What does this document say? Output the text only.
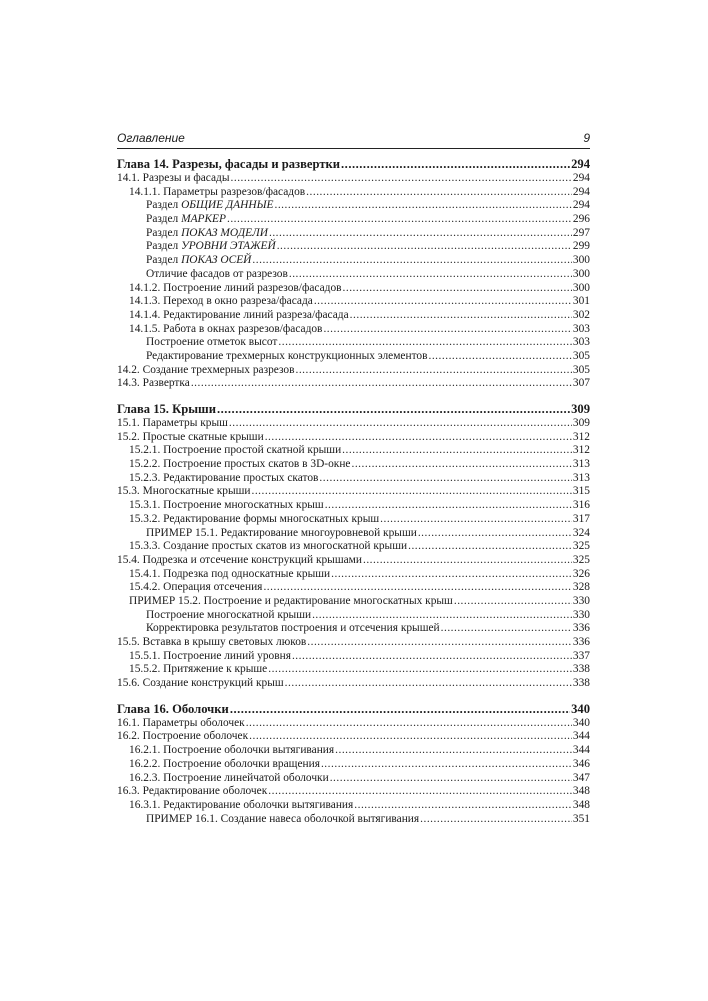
Оглавление	9
Глава 14. Разрезы, фасады и развертки .....	294
14.1. Разрезы и фасады .....	294
14.1.1. Параметры разрезов/фасадов .....	294
Раздел ОБЩИЕ ДАННЫЕ .....	294
Раздел МАРКЕР .....	296
Раздел ПОКАЗ МОДЕЛИ .....	297
Раздел УРОВНИ ЭТАЖЕЙ .....	299
Раздел ПОКАЗ ОСЕЙ .....	300
Отличие фасадов от разрезов .....	300
14.1.2. Построение линий разрезов/фасадов .....	300
14.1.3. Переход в окно разреза/фасада .....	301
14.1.4. Редактирование линий разреза/фасада .....	302
14.1.5. Работа в окнах разрезов/фасадов .....	303
Построение отметок высот .....	303
Редактирование трехмерных конструкционных элементов .....	305
14.2. Создание трехмерных разрезов .....	305
14.3. Развертка .....	307
Глава 15. Крыши .....	309
15.1. Параметры крыш .....	309
15.2. Простые скатные крыши .....	312
15.2.1. Построение простой скатной крыши .....	312
15.2.2. Построение простых скатов в 3D-окне .....	313
15.2.3. Редактирование простых скатов .....	313
15.3. Многоскатные крыши .....	315
15.3.1. Построение многоскатных крыш .....	316
15.3.2. Редактирование формы многоскатных крыш .....	317
ПРИМЕР 15.1. Редактирование многоуровневой крыши .....	324
15.3.3. Создание простых скатов из многоскатной крыши .....	325
15.4. Подрезка и отсечение конструкций крышами .....	325
15.4.1. Подрезка под односкатные крыши .....	326
15.4.2. Операция отсечения .....	328
ПРИМЕР 15.2. Построение и редактирование многоскатных крыш .....	330
Построение многоскатной крыши .....	330
Корректировка результатов построения и отсечения крышей .....	336
15.5. Вставка в крышу световых люков .....	336
15.5.1. Построение линий уровня .....	337
15.5.2. Притяжение к крыше .....	338
15.6. Создание конструкций крыш .....	338
Глава 16. Оболочки .....	340
16.1. Параметры оболочек .....	340
16.2. Построение оболочек .....	344
16.2.1. Построение оболочки вытягивания .....	344
16.2.2. Построение оболочки вращения .....	346
16.2.3. Построение линейчатой оболочки .....	347
16.3. Редактирование оболочек .....	348
16.3.1. Редактирование оболочки вытягивания .....	348
ПРИМЕР 16.1. Создание навеса оболочкой вытягивания .....	351
